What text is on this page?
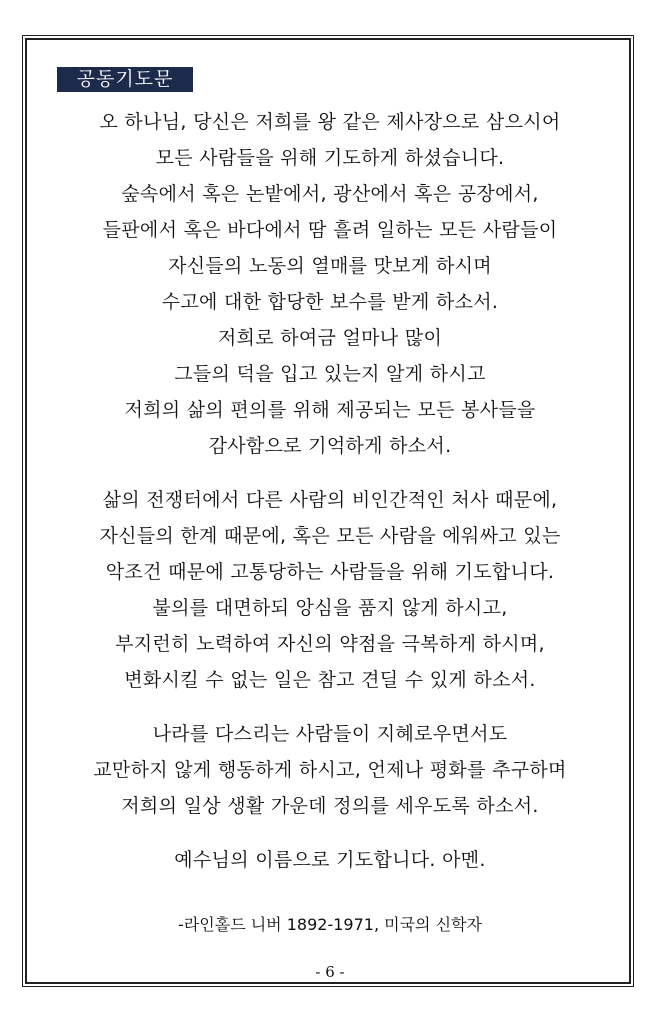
공동기도문
오 하나님, 당신은 저희를 왕 같은 제사장으로 삼으시어
모든 사람들을 위해 기도하게 하셨습니다.
숲속에서 혹은 논밭에서, 광산에서 혹은 공장에서,
들판에서 혹은 바다에서 땀 흘려 일하는 모든 사람들이
자신들의 노동의 열매를 맛보게 하시며
수고에 대한 합당한 보수를 받게 하소서.
저희로 하여금 얼마나 많이
그들의 덕을 입고 있는지 알게 하시고
저희의 삶의 편의를 위해 제공되는 모든 봉사들을
감사함으로 기억하게 하소서.
삶의 전쟁터에서 다른 사람의 비인간적인 처사 때문에,
자신들의 한계 때문에, 혹은 모든 사람을 에워싸고 있는
악조건 때문에 고통당하는 사람들을 위해 기도합니다.
불의를 대면하되 앙심을 품지 않게 하시고,
부지런히 노력하여 자신의 약점을 극복하게 하시며,
변화시킬 수 없는 일은 참고 견딜 수 있게 하소서.
나라를 다스리는 사람들이 지혜로우면서도
교만하지 않게 행동하게 하시고, 언제나 평화를 추구하며
저희의 일상 생활 가운데 정의를 세우도록 하소서.
예수님의 이름으로 기도합니다. 아멘.
-라인홀드 니버 1892-1971, 미국의 신학자
- 6 -
